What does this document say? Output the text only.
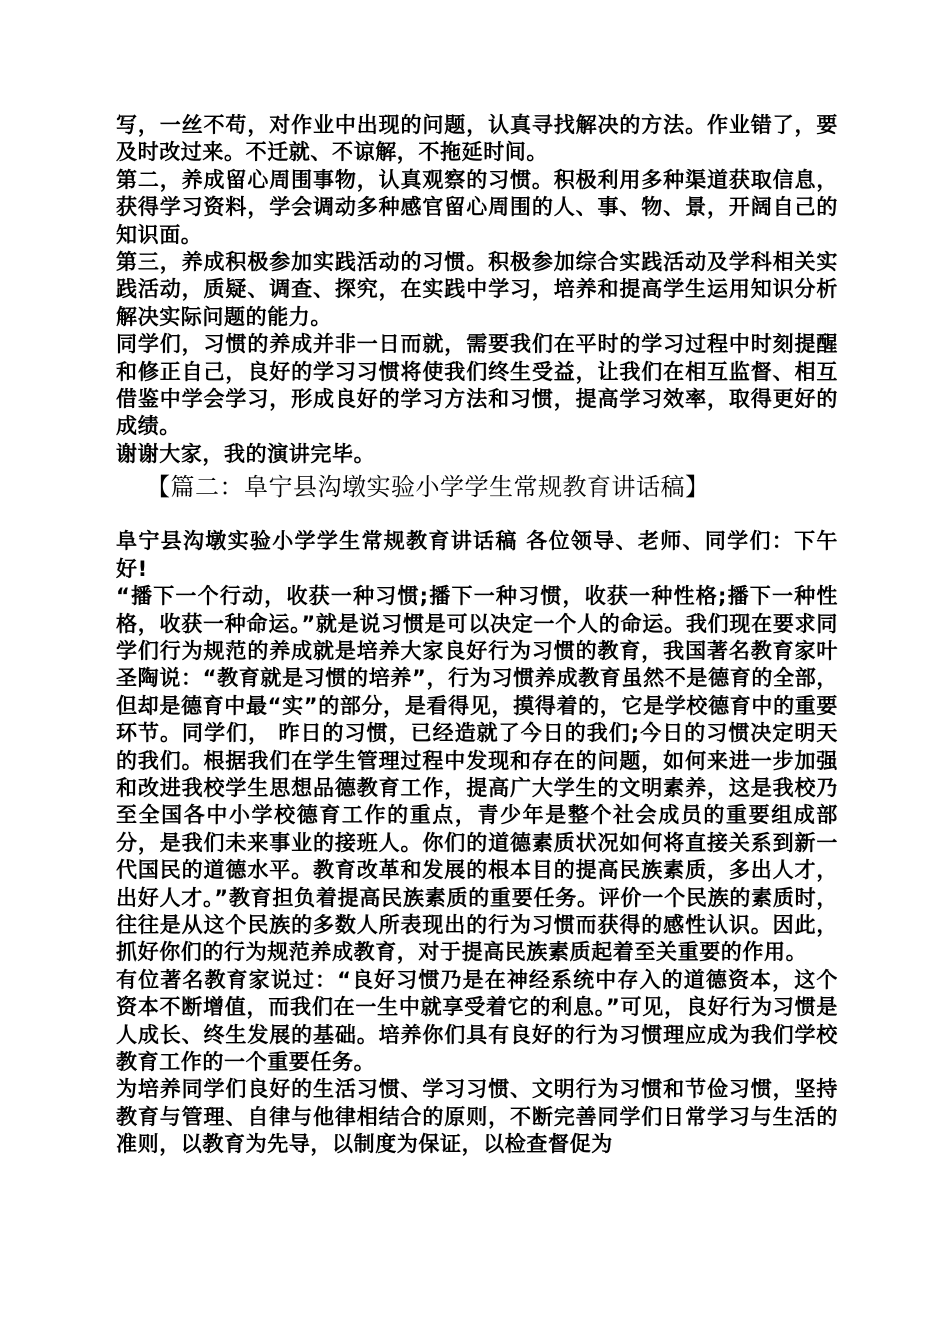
写，一丝不苟，对作业中出现的问题，认真寻找解决的方法。作业错了，要及时改过来。不迁就、不谅解，不拖延时间。

第二，养成留心周围事物，认真观察的习惯。积极利用多种渠道获取信息，获得学习资料，学会调动多种感官留心周围的人、事、物、景，开阔自己的知识面。

第三，养成积极参加实践活动的习惯。积极参加综合实践活动及学科相关实践活动，质疑、调查、探究，在实践中学习，培养和提高学生运用知识分析解决实际问题的能力。

同学们，习惯的养成并非一日而就，需要我们在平时的学习过程中时刻提醒和修正自己，良好的学习习惯将使我们终生受益，让我们在相互监督、相互借鉴中学会学习，形成良好的学习方法和习惯，提高学习效率，取得更好的成绩。

谢谢大家，我的演讲完毕。

【篇二：阜宁县沟墩实验小学学生常规教育讲话稿】

阜宁县沟墩实验小学学生常规教育讲话稿 各位领导、老师、同学们：下午好!

“播下一个行动，收获一种习惯;播下一种习惯，收获一种性格;播下一种性格，收获一种命运。”就是说习惯是可以决定一个人的命运。我们现在要求同学们行为规范的养成就是培养大家良好行为习惯的教育，我国著名教育家叶圣陶说：“教育就是习惯的培养”，行为习惯养成教育虽然不是德育的全部，但却是德育中最“实”的部分，是看得见，摸得着的，它是学校德育中的重要环节。同学们， 昨日的习惯，已经造就了今日的我们;今日的习惯决定明天的我们。根据我们在学生管理过程中发现和存在的问题，如何来进一步加强和改进我校学生思想品德教育工作，提高广大学生的文明素养，这是我校乃至全国各中小学校德育工作的重点，青少年是整个社会成员的重要组成部分，是我们未来事业的接班人。你们的道德素质状况如何将直接关系到新一代国民的道德水平。教育改革和发展的根本目的提高民族素质，多出人才，出好人才。”教育担负着提高民族素质的重要任务。评价一个民族的素质时，往往是从这个民族的多数人所表现出的行为习惯而获得的感性认识。因此，抓好你们的行为规范养成教育，对于提高民族素质起着至关重要的作用。

有位著名教育家说过：“良好习惯乃是在神经系统中存入的道德资本，这个资本不断增值，而我们在一生中就享受着它的利息。”可见，良好行为习惯是人成长、终生发展的基础。培养你们具有良好的行为习惯理应成为我们学校教育工作的一个重要任务。

为培养同学们良好的生活习惯、学习习惯、文明行为习惯和节俭习惯，坚持教育与管理、自律与他律相结合的原则，不断完善同学们日常学习与生活的准则，以教育为先导，以制度为保证，以检查督促为
